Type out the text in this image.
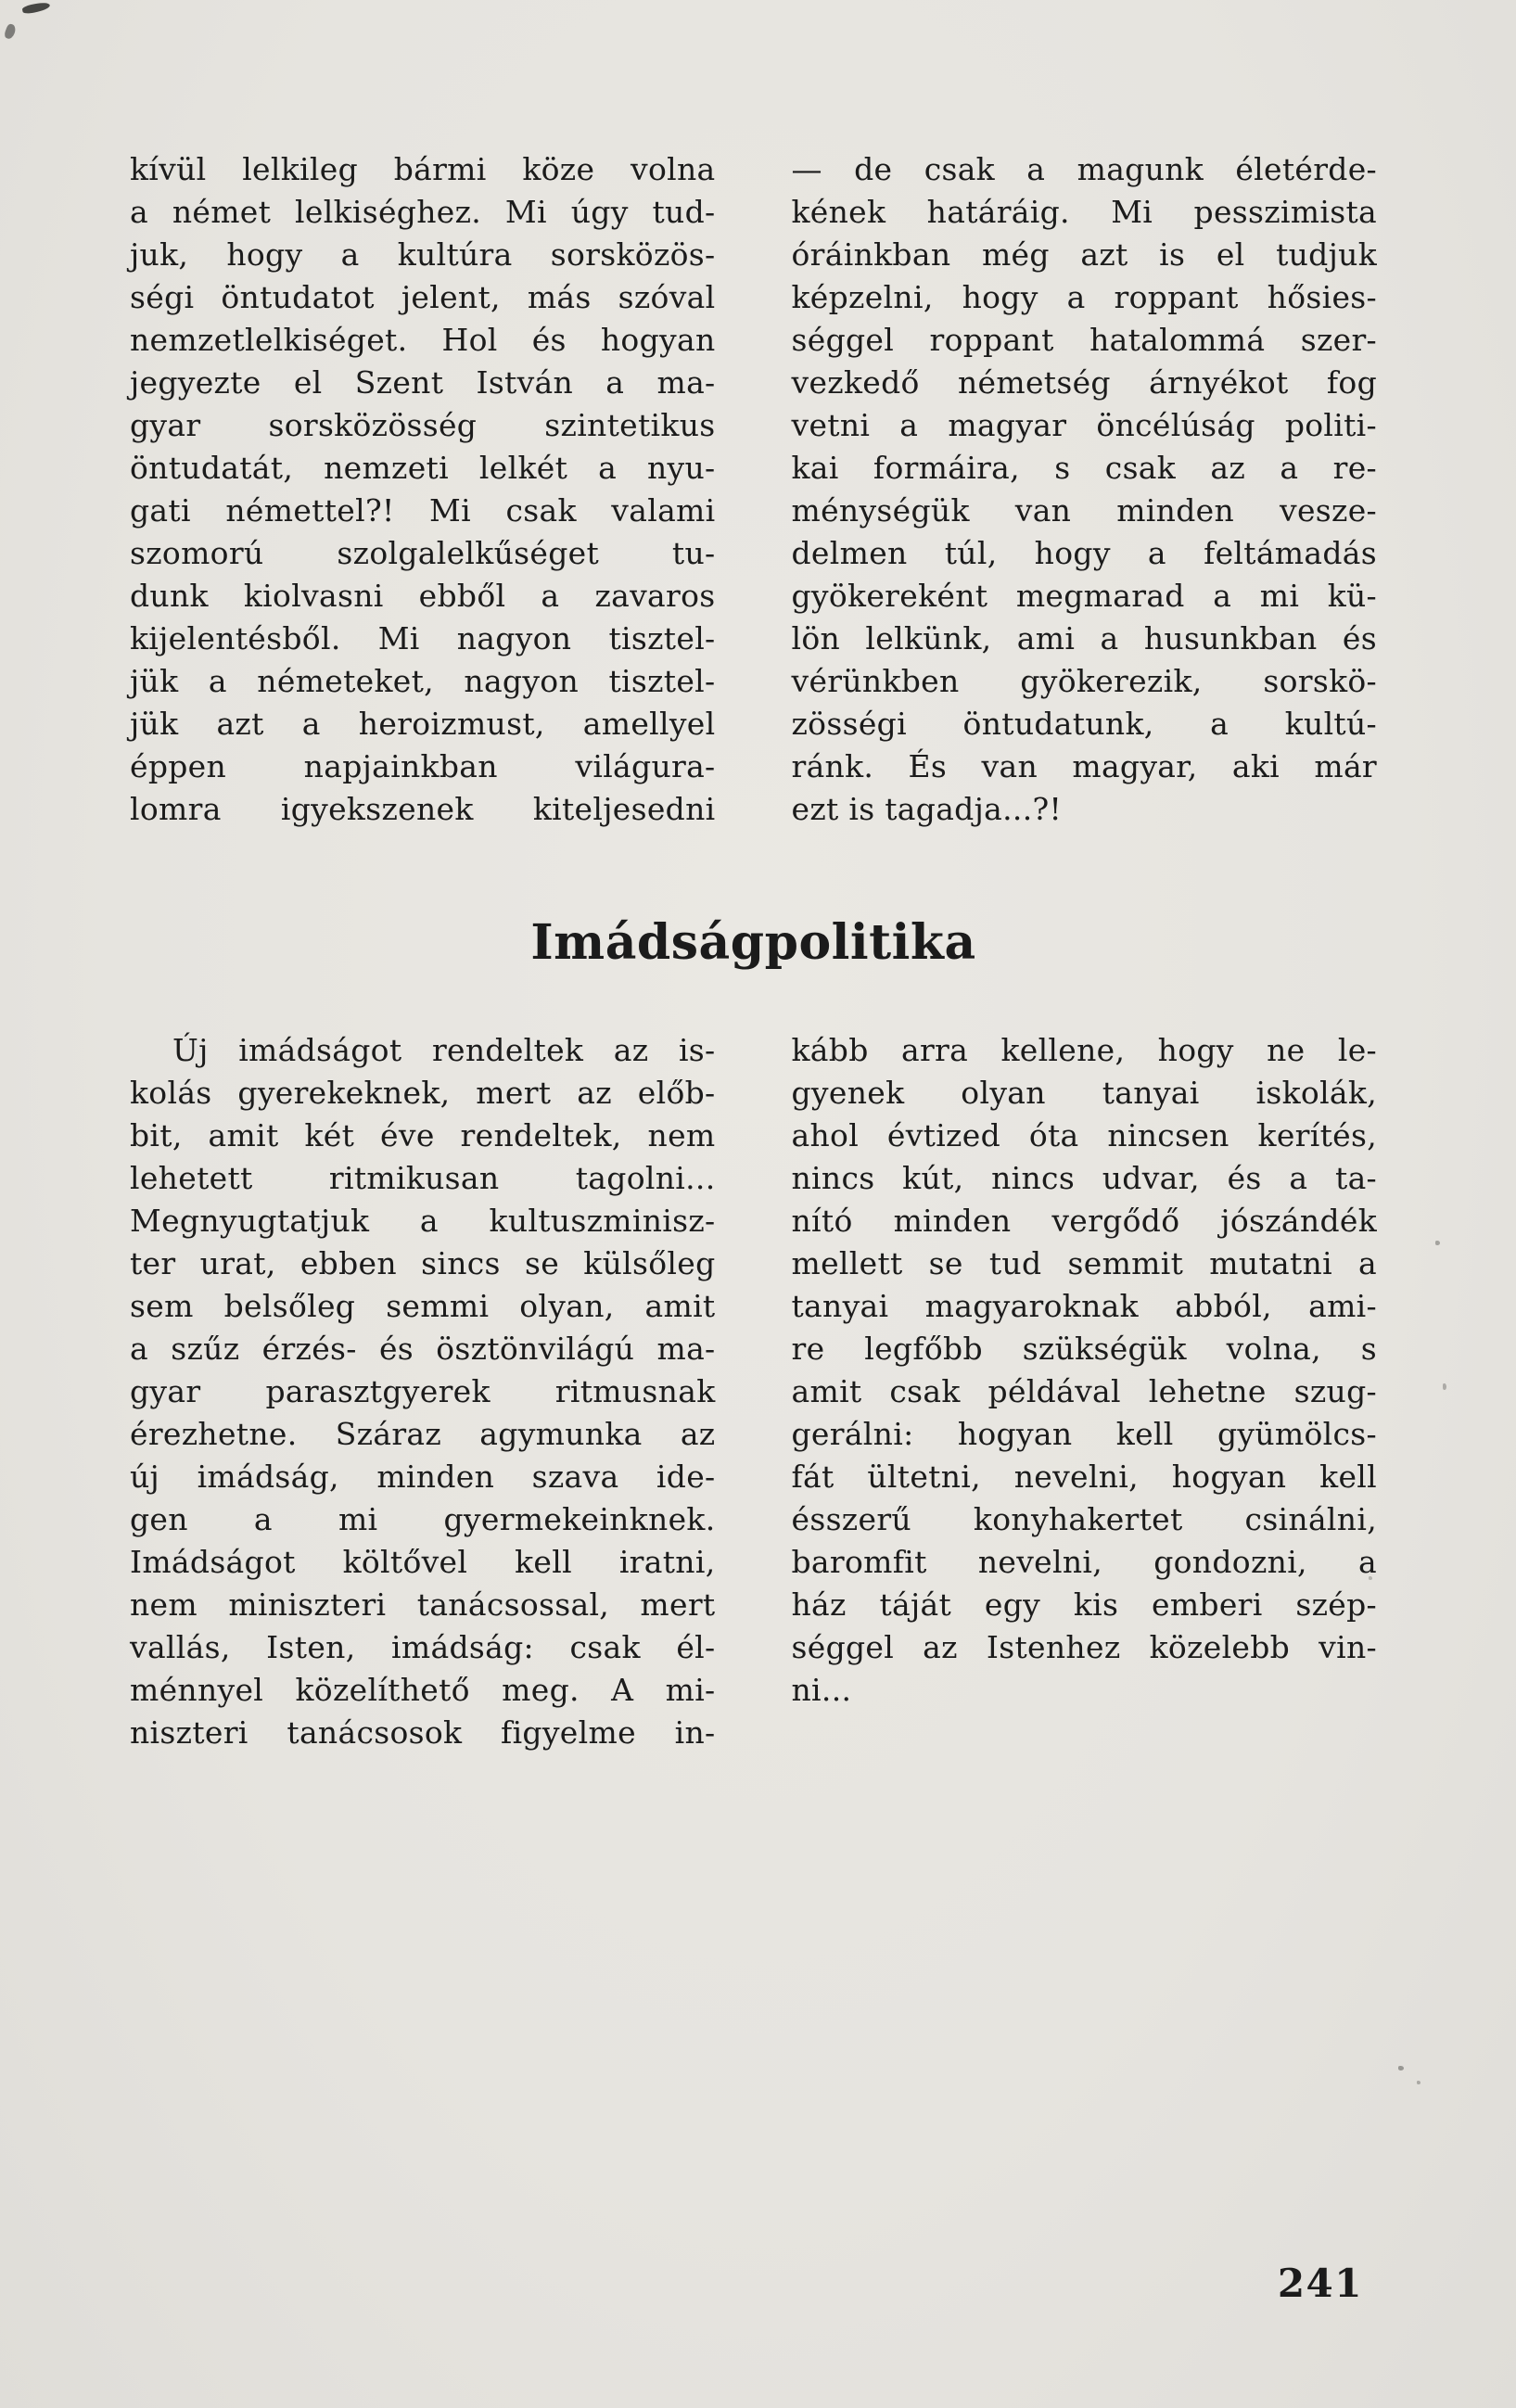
kívül lelkileg bármi köze volna
a német lelkiséghez. Mi úgy tud-
juk, hogy a kultúra sorsközös-
ségi öntudatot jelent, más szóval
nemzetlelkiséget. Hol és hogyan
jegyezte el Szent István a ma-
gyar sorsközösség szintetikus
öntudatát, nemzeti lelkét a nyu-
gati némettel?! Mi csak valami
szomorú szolgalelkűséget tu-
dunk kiolvasni ebből a zavaros
kijelentésből. Mi nagyon tisztel-
jük a németeket, nagyon tisztel-
jük azt a heroizmust, amellyel
éppen napjainkban világura-
lomra igyekszenek kiteljesedni
— de csak a magunk életérde-
kének határáig. Mi pesszimista
óráinkban még azt is el tudjuk
képzelni, hogy a roppant hősies-
séggel roppant hatalommá szer-
vezkedő németség árnyékot fog
vetni a magyar öncélúság politi-
kai formáira, s csak az a re-
ménységük van minden vesze-
delmen túl, hogy a feltámadás
gyökereként megmarad a mi kü-
lön lelkünk, ami a husunkban és
vérünkben gyökerezik, sorskö-
zösségi öntudatunk, a kultú-
ránk. És van magyar, aki már
ezt is tagadja...?!
Imádságpolitika
Új imádságot rendeltek az is-
kolás gyerekeknek, mert az előb-
bit, amit két éve rendeltek, nem
lehetett ritmikusan tagolni...
Megnyugtatjuk a kultuszminisz-
ter urat, ebben sincs se külsőleg
sem belsőleg semmi olyan, amit
a szűz érzés- és ösztönvilágú ma-
gyar parasztgyerek ritmusnak
érezhetne. Száraz agymunka az
új imádság, minden szava ide-
gen a mi gyermekeinknek.
Imádságot költővel kell iratni,
nem miniszteri tanácsossal, mert
vallás, Isten, imádság: csak él-
ménnyel közelíthető meg. A mi-
niszteri tanácsosok figyelme in-
kább arra kellene, hogy ne le-
gyenek olyan tanyai iskolák,
ahol évtized óta nincsen kerítés,
nincs kút, nincs udvar, és a ta-
nító minden vergődő jószándék
mellett se tud semmit mutatni a
tanyai magyaroknak abból, ami-
re legfőbb szükségük volna, s
amit csak példával lehetne szug-
gerálni: hogyan kell gyümölcs-
fát ültetni, nevelni, hogyan kell
ésszerű konyhakertet csinálni,
baromfit nevelni, gondozni, a
ház táját egy kis emberi szép-
séggel az Istenhez közelebb vin-
ni...
241
